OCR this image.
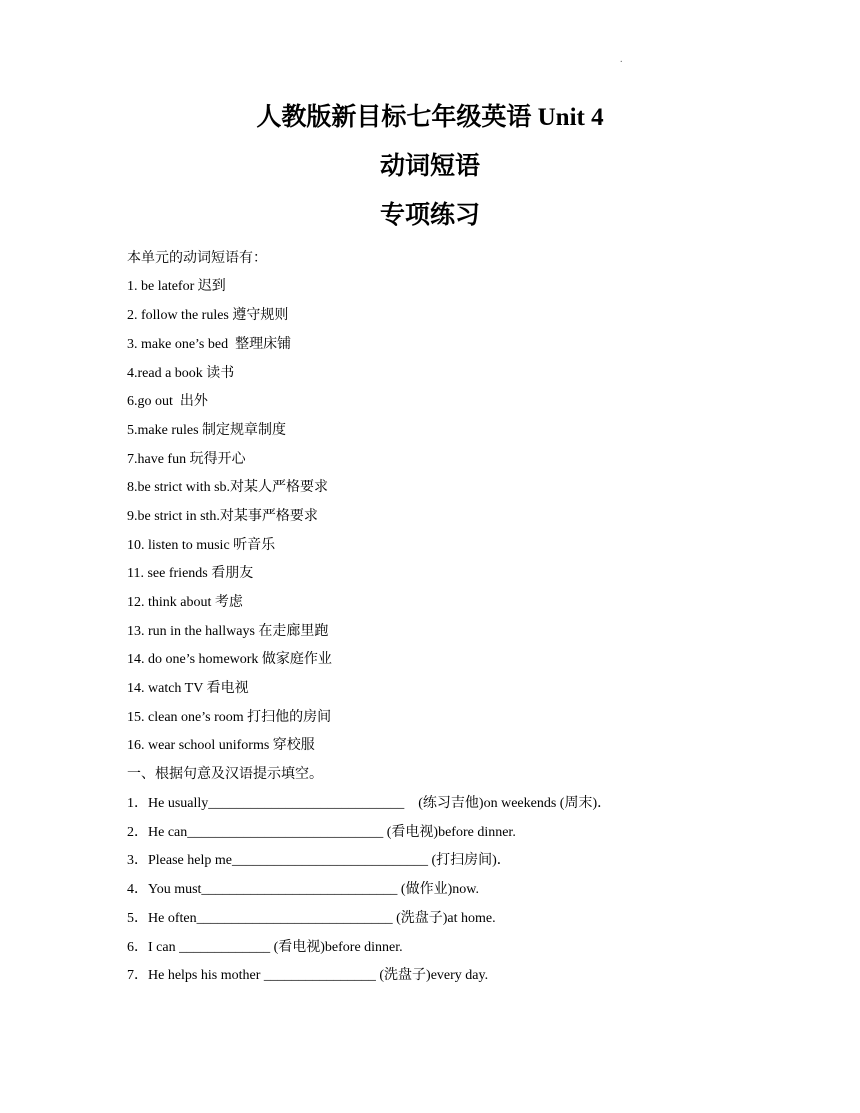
.
人教版新目标七年级英语 Unit 4
动词短语
专项练习
本单元的动词短语有：
1. be latefor 迟到
2. follow the rules 遵守规则
3. make one’s bed  整理床铺
4.read a book 读书
6.go out  出外
5.make rules 制定规章制度
7.have fun 玩得开心
8.be strict with sb.对某人严格要求
9.be strict in sth.对某事严格要求
10. listen to music 听音乐
11. see friends 看朋友
12. think about 考虑
13. run in the hallways 在走廊里跑
14. do one’s homework 做家庭作业
14. watch TV 看电视
15. clean one’s room 打扫他的房间
16. wear school uniforms 穿校服
一、根据句意及汉语提示填空。
1．He usually____________________________    (练习吉他)on weekends (周末)．
2．He can____________________________ (看电视)before dinner.
3．Please help me____________________________ (打扫房间)．
4．You must____________________________ (做作业)now.
5．He often____________________________ (洗盘子)at home.
6．I can _____________ (看电视)before dinner.
7．He helps his mother ________________ (洗盘子)every day.
